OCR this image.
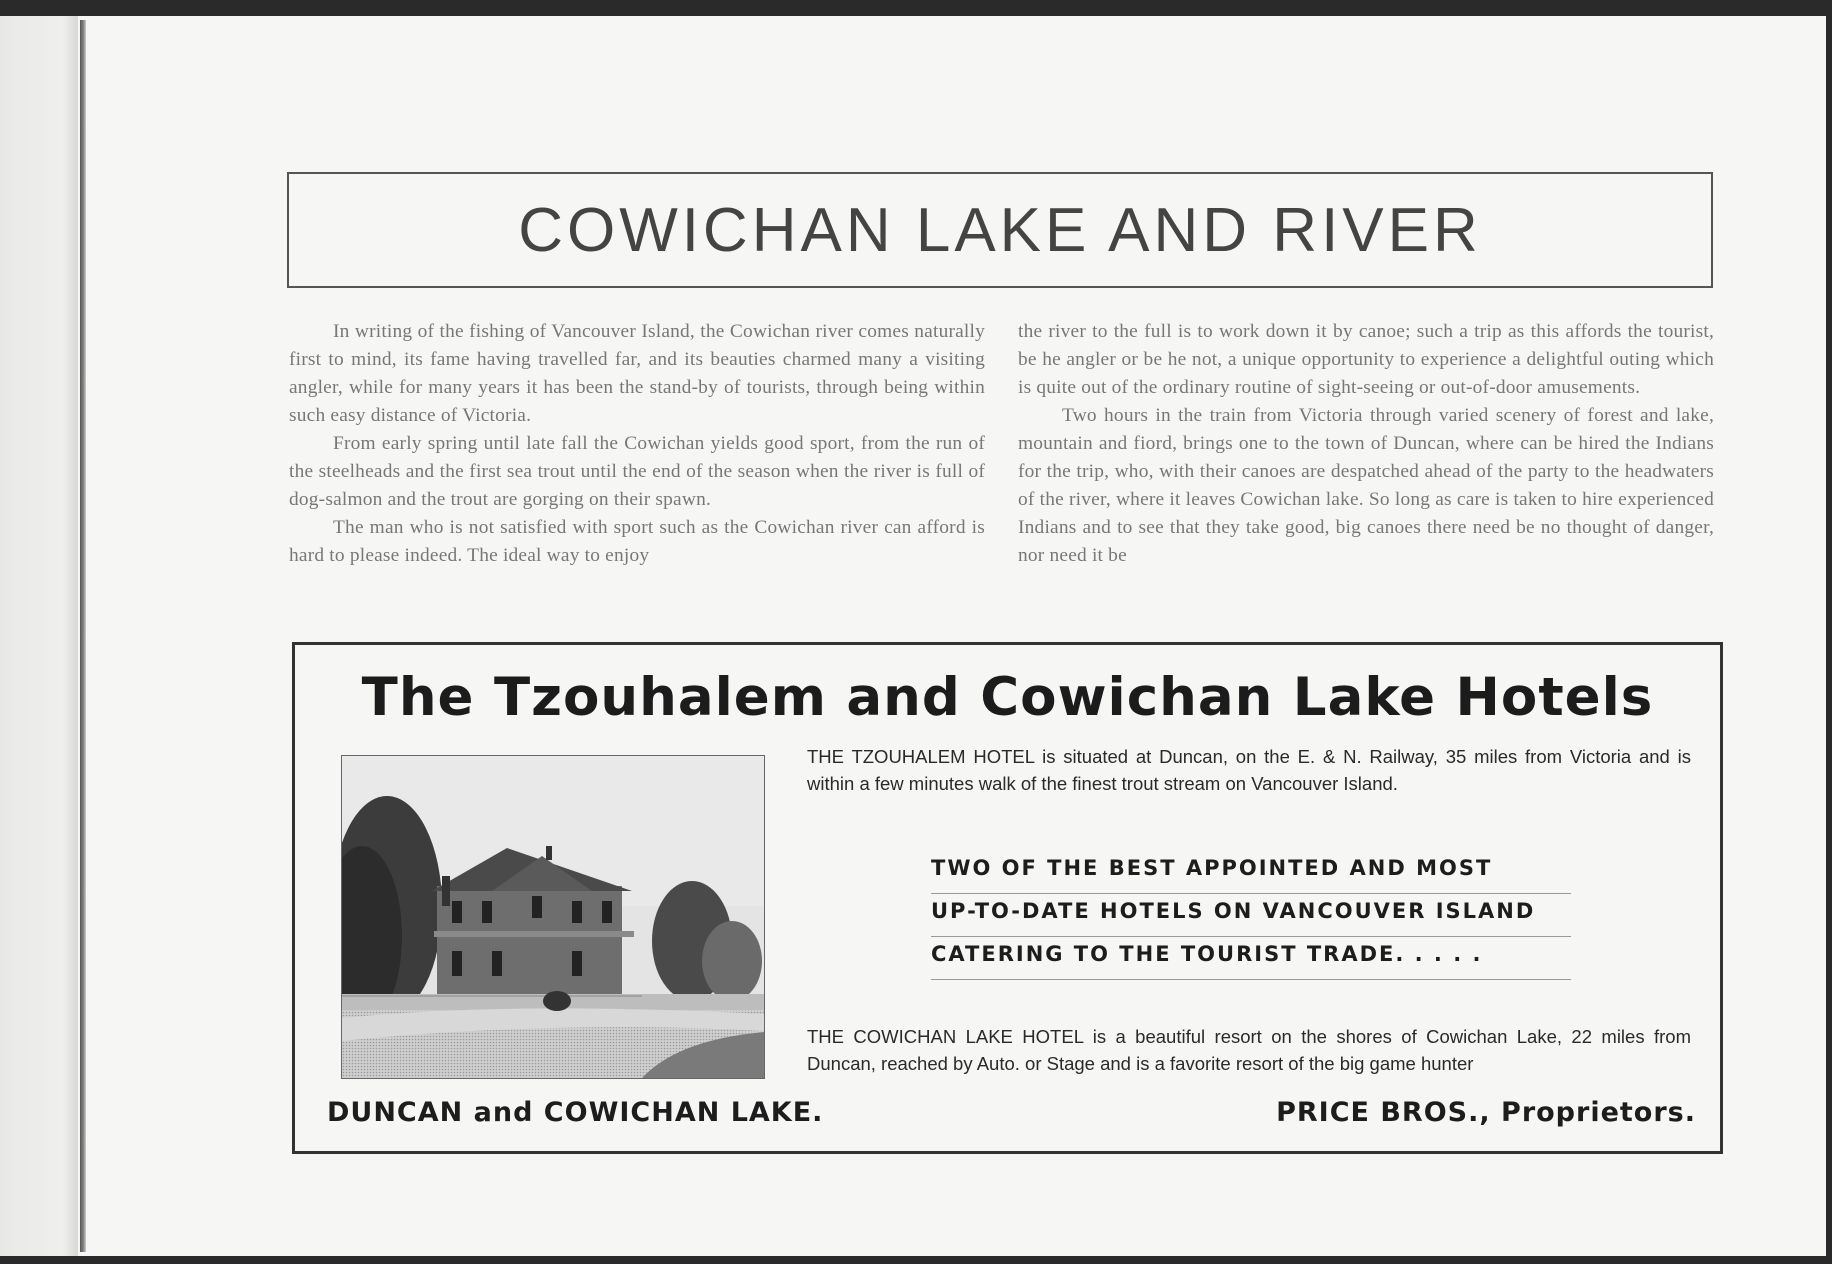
COWICHAN LAKE AND RIVER

In writing of the fishing of Vancouver Island, the Cowichan river comes naturally first to mind, its fame having travelled far, and its beauties charmed many a visiting angler, while for many years it has been the stand-by of tourists, through being within such easy distance of Victoria.

From early spring until late fall the Cowichan yields good sport, from the run of the steelheads and the first sea trout until the end of the season when the river is full of dog-salmon and the trout are gorging on their spawn.

The man who is not satisfied with sport such as the Cowichan river can afford is hard to please indeed. The ideal way to enjoy

the river to the full is to work down it by canoe; such a trip as this affords the tourist, be he angler or be he not, a unique opportunity to experience a delightful outing which is quite out of the ordinary routine of sight-seeing or out-of-door amusements.

Two hours in the train from Victoria through varied scenery of forest and lake, mountain and fiord, brings one to the town of Duncan, where can be hired the Indians for the trip, who, with their canoes are despatched ahead of the party to the headwaters of the river, where it leaves Cowichan lake. So long as care is taken to hire experienced Indians and to see that they take good, big canoes there need be no thought of danger, nor need it be

The Tzouhalem and Cowichan Lake Hotels
THE TZOUHALEM HOTEL is situated at Duncan, on the E. & N. Railway, 35 miles from Victoria and is within a few minutes walk of the finest trout stream on Vancouver Island.
TWO OF THE BEST APPOINTED AND MOST
UP-TO-DATE HOTELS ON VANCOUVER ISLAND
CATERING TO THE TOURIST TRADE. . . . .
THE COWICHAN LAKE HOTEL is a beautiful resort on the shores of Cowichan Lake, 22 miles from Duncan, reached by Auto. or Stage and is a favorite resort of the big game hunter
DUNCAN and COWICHAN LAKE.	PRICE BROS., Proprietors.
